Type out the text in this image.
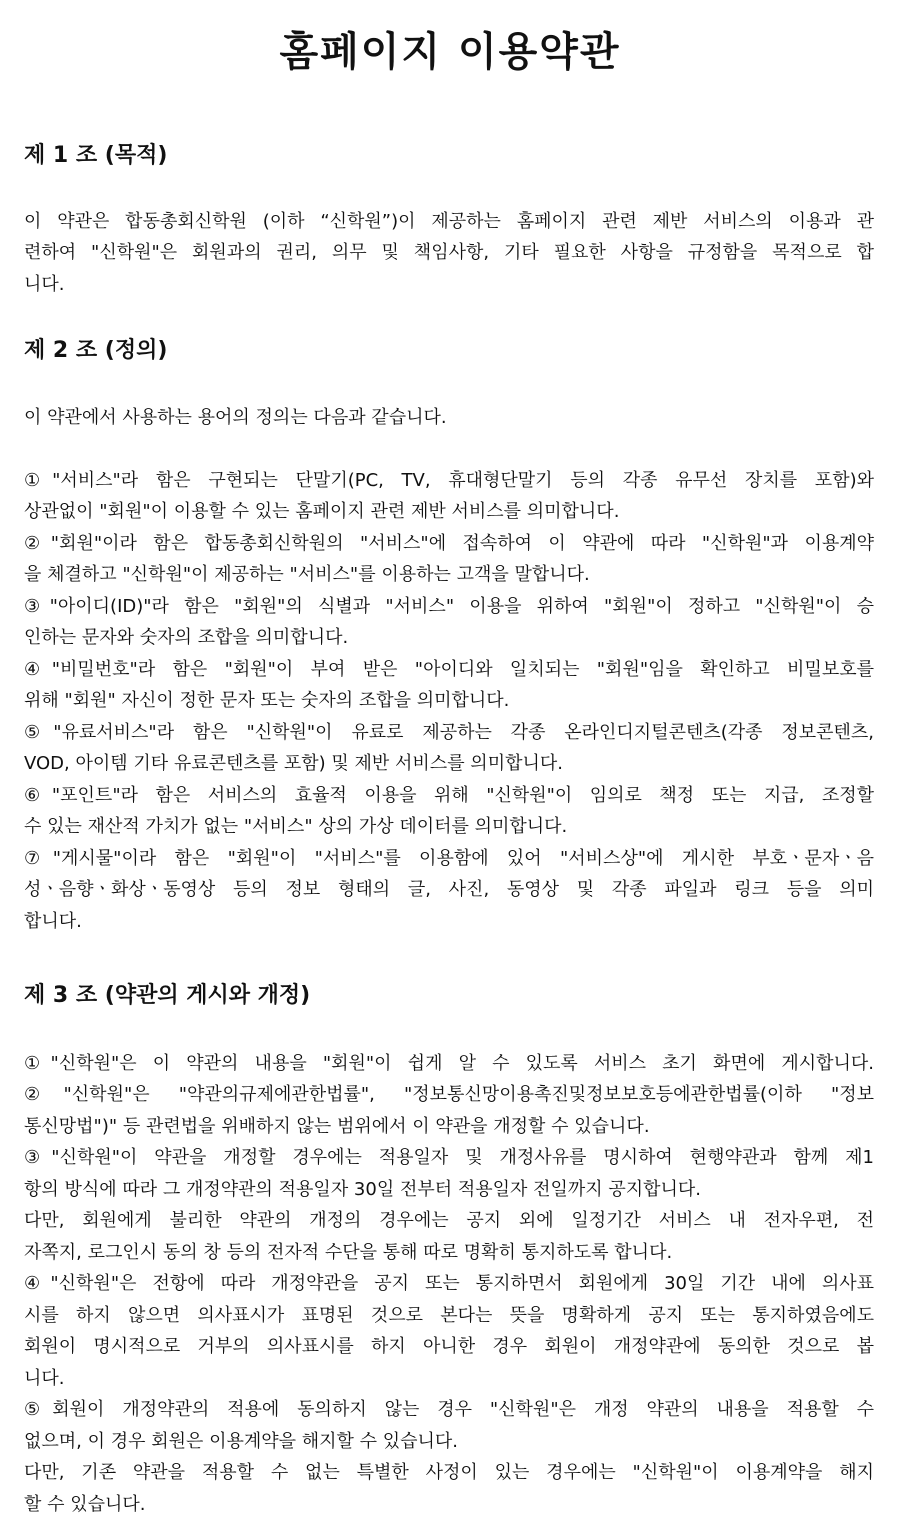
홈페이지 이용약관
제 1 조 (목적)
이 약관은 합동총회신학원 (이하 “신학원”)이 제공하는 홈페이지 관련 제반 서비스의 이용과 관
련하여 "신학원"은 회원과의 권리, 의무 및 책임사항, 기타 필요한 사항을 규정함을 목적으로 합
니다.
제 2 조 (정의)
이 약관에서 사용하는 용어의 정의는 다음과 같습니다.
①"서비스"라 함은 구현되는 단말기(PC, TV, 휴대형단말기 등의 각종 유무선 장치를 포함)와
상관없이 "회원"이 이용할 수 있는 홈페이지 관련 제반 서비스를 의미합니다.
②"회원"이라 함은 합동총회신학원의 "서비스"에 접속하여 이 약관에 따라 "신학원"과 이용계약
을 체결하고 "신학원"이 제공하는 "서비스"를 이용하는 고객을 말합니다.
③"아이디(ID)"라 함은 "회원"의 식별과 "서비스" 이용을 위하여 "회원"이 정하고 "신학원"이 승
인하는 문자와 숫자의 조합을 의미합니다.
④"비밀번호"라 함은 "회원"이 부여 받은 "아이디와 일치되는 "회원"임을 확인하고 비밀보호를
위해 "회원" 자신이 정한 문자 또는 숫자의 조합을 의미합니다.
⑤"유료서비스"라 함은 "신학원"이 유료로 제공하는 각종 온라인디지털콘텐츠(각종 정보콘텐츠,
VOD, 아이템 기타 유료콘텐츠를 포함) 및 제반 서비스를 의미합니다.
⑥"포인트"라 함은 서비스의 효율적 이용을 위해 "신학원"이 임의로 책정 또는 지급, 조정할
수 있는 재산적 가치가 없는 "서비스" 상의 가상 데이터를 의미합니다.
⑦"게시물"이라 함은 "회원"이 "서비스"를 이용함에 있어 "서비스상"에 게시한 부호ㆍ문자ㆍ음
성ㆍ음향ㆍ화상ㆍ동영상 등의 정보 형태의 글, 사진, 동영상 및 각종 파일과 링크 등을 의미
합니다.
제 3 조 (약관의 게시와 개정)
①"신학원"은 이 약관의 내용을 "회원"이 쉽게 알 수 있도록 서비스 초기 화면에 게시합니다.
②"신학원"은 "약관의규제에관한법률", "정보통신망이용촉진및정보보호등에관한법률(이하 "정보
통신망법")" 등 관련법을 위배하지 않는 범위에서 이 약관을 개정할 수 있습니다.
③"신학원"이 약관을 개정할 경우에는 적용일자 및 개정사유를 명시하여 현행약관과 함께 제1
항의 방식에 따라 그 개정약관의 적용일자 30일 전부터 적용일자 전일까지 공지합니다.
다만, 회원에게 불리한 약관의 개정의 경우에는 공지 외에 일정기간 서비스 내 전자우편, 전
자쪽지, 로그인시 동의 창 등의 전자적 수단을 통해 따로 명확히 통지하도록 합니다.
④"신학원"은 전항에 따라 개정약관을 공지 또는 통지하면서 회원에게 30일 기간 내에 의사표
시를 하지 않으면 의사표시가 표명된 것으로 본다는 뜻을 명확하게 공지 또는 통지하였음에도
회원이 명시적으로 거부의 의사표시를 하지 아니한 경우 회원이 개정약관에 동의한 것으로 봅
니다.
⑤회원이 개정약관의 적용에 동의하지 않는 경우 "신학원"은 개정 약관의 내용을 적용할 수
없으며, 이 경우 회원은 이용계약을 해지할 수 있습니다.
다만, 기존 약관을 적용할 수 없는 특별한 사정이 있는 경우에는 "신학원"이 이용계약을 해지
할 수 있습니다.
